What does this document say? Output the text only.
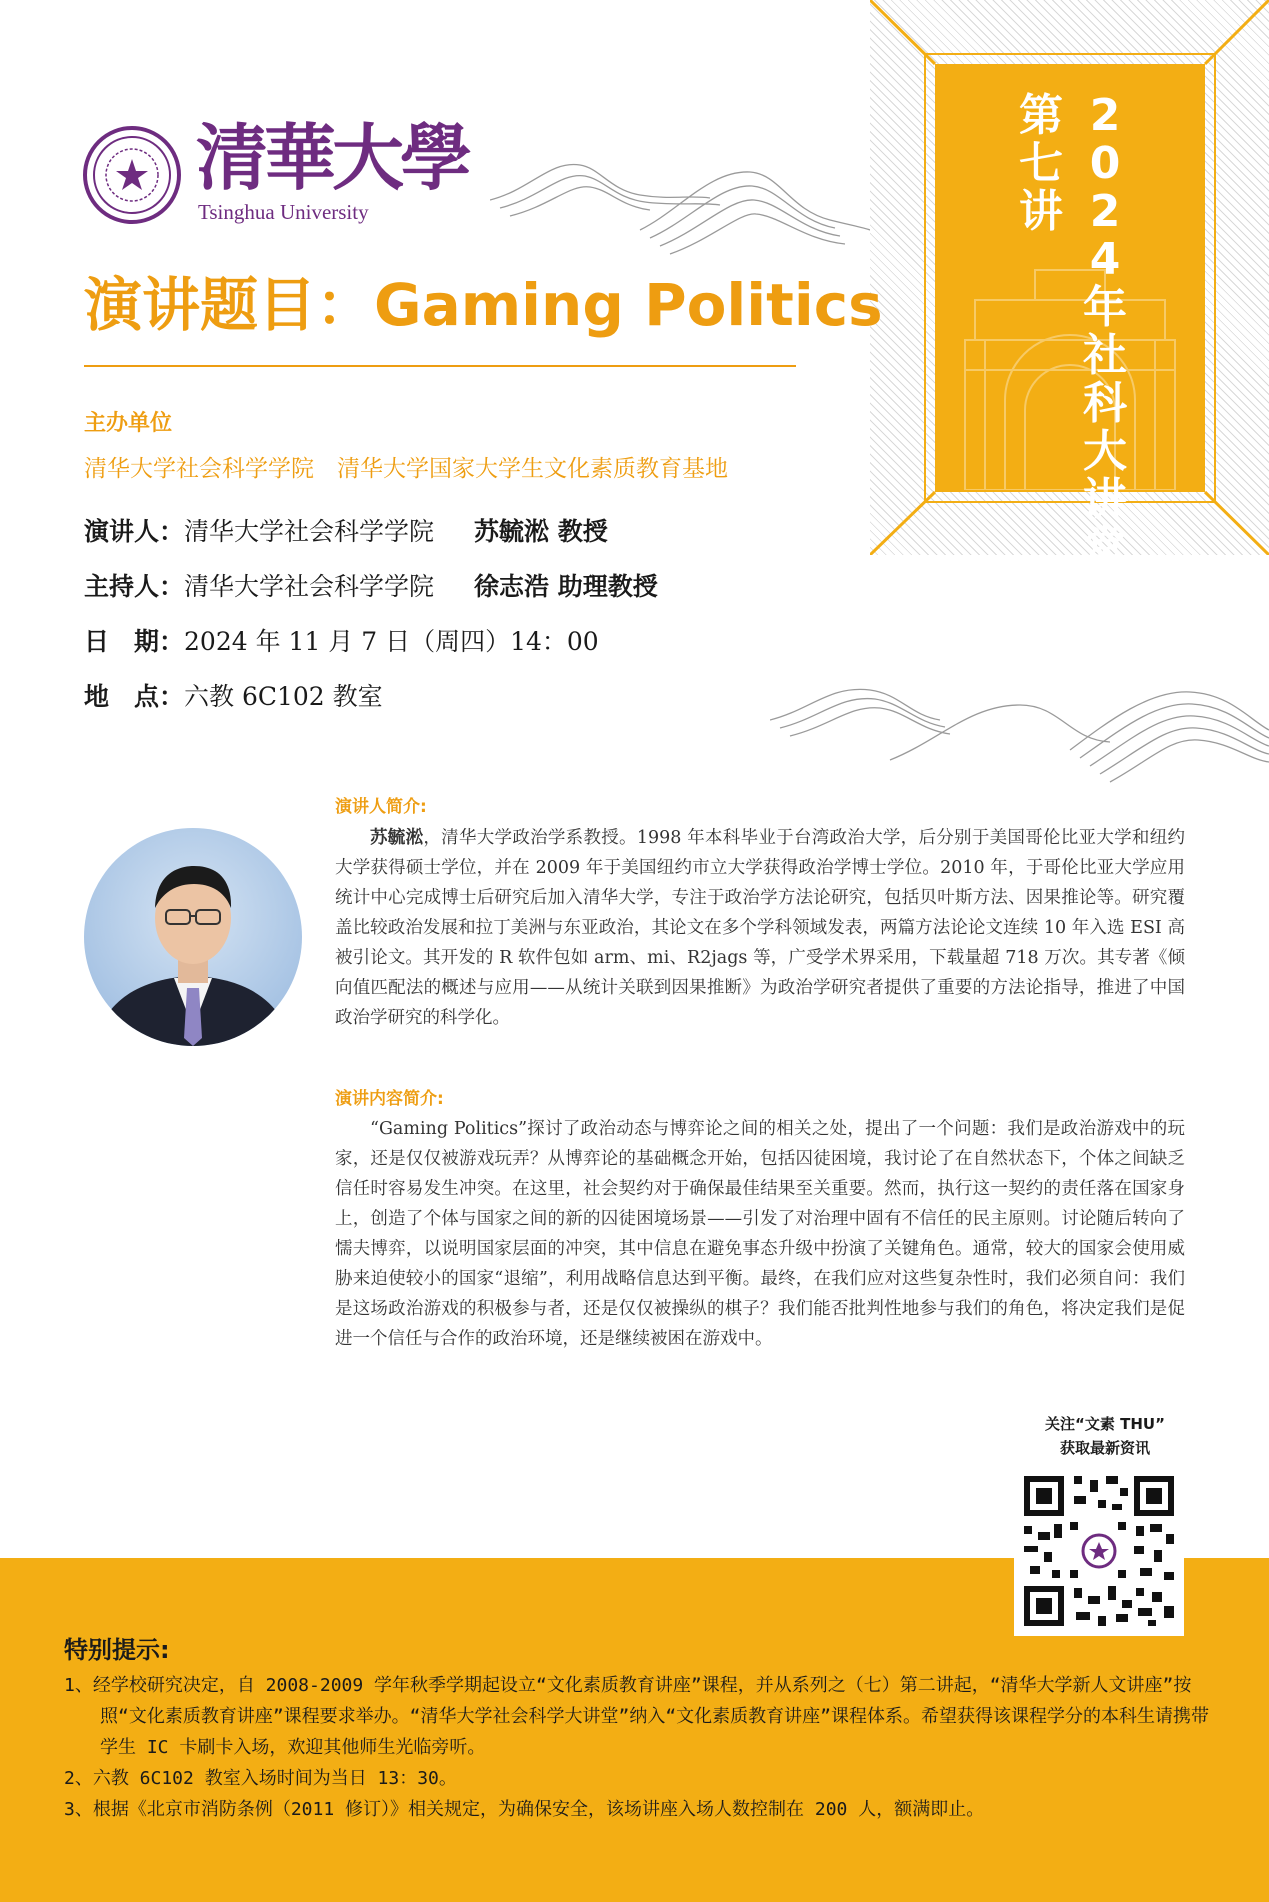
2024年社科大讲堂
第七讲
清華大學
Tsinghua University
演讲题目：Gaming Politics
主办单位
清华大学社会科学学院　清华大学国家大学生文化素质教育基地
演讲人：清华大学社会科学学院 苏毓淞 教授
主持人：清华大学社会科学学院 徐志浩 助理教授
日　期：2024 年 11 月 7 日（周四）14：00
地　点：六教 6C102 教室
演讲人简介:
苏毓淞，清华大学政治学系教授。1998 年本科毕业于台湾政治大学，后分别于美国哥伦比亚大学和纽约大学获得硕士学位，并在 2009 年于美国纽约市立大学获得政治学博士学位。2010 年，于哥伦比亚大学应用统计中心完成博士后研究后加入清华大学，专注于政治学方法论研究，包括贝叶斯方法、因果推论等。研究覆盖比较政治发展和拉丁美洲与东亚政治，其论文在多个学科领域发表，两篇方法论论文连续 10 年入选 ESI 高被引论文。其开发的 R 软件包如 arm、mi、R2jags 等，广受学术界采用，下载量超 718 万次。其专著《倾向值匹配法的概述与应用——从统计关联到因果推断》为政治学研究者提供了重要的方法论指导，推进了中国政治学研究的科学化。
演讲内容简介:
“Gaming Politics”探讨了政治动态与博弈论之间的相关之处，提出了一个问题：我们是政治游戏中的玩家，还是仅仅被游戏玩弄？从博弈论的基础概念开始，包括囚徒困境，我讨论了在自然状态下，个体之间缺乏信任时容易发生冲突。在这里，社会契约对于确保最佳结果至关重要。然而，执行这一契约的责任落在国家身上，创造了个体与国家之间的新的囚徒困境场景——引发了对治理中固有不信任的民主原则。讨论随后转向了懦夫博弈，以说明国家层面的冲突，其中信息在避免事态升级中扮演了关键角色。通常，较大的国家会使用威胁来迫使较小的国家“退缩”，利用战略信息达到平衡。最终，在我们应对这些复杂性时，我们必须自问：我们是这场政治游戏的积极参与者，还是仅仅被操纵的棋子？我们能否批判性地参与我们的角色，将决定我们是促进一个信任与合作的政治环境，还是继续被困在游戏中。
关注“文素 THU”
获取最新资讯
特别提示:
1、经学校研究决定，自 2008-2009 学年秋季学期起设立“文化素质教育讲座”课程，并从系列之（七）第二讲起，“清华大学新人文讲座”按照“文化素质教育讲座”课程要求举办。“清华大学社会科学大讲堂”纳入“文化素质教育讲座”课程体系。希望获得该课程学分的本科生请携带学生 IC 卡刷卡入场，欢迎其他师生光临旁听。
2、六教 6C102 教室入场时间为当日 13：30。
3、根据《北京市消防条例（2011 修订）》相关规定，为确保安全，该场讲座入场人数控制在 200 人，额满即止。
